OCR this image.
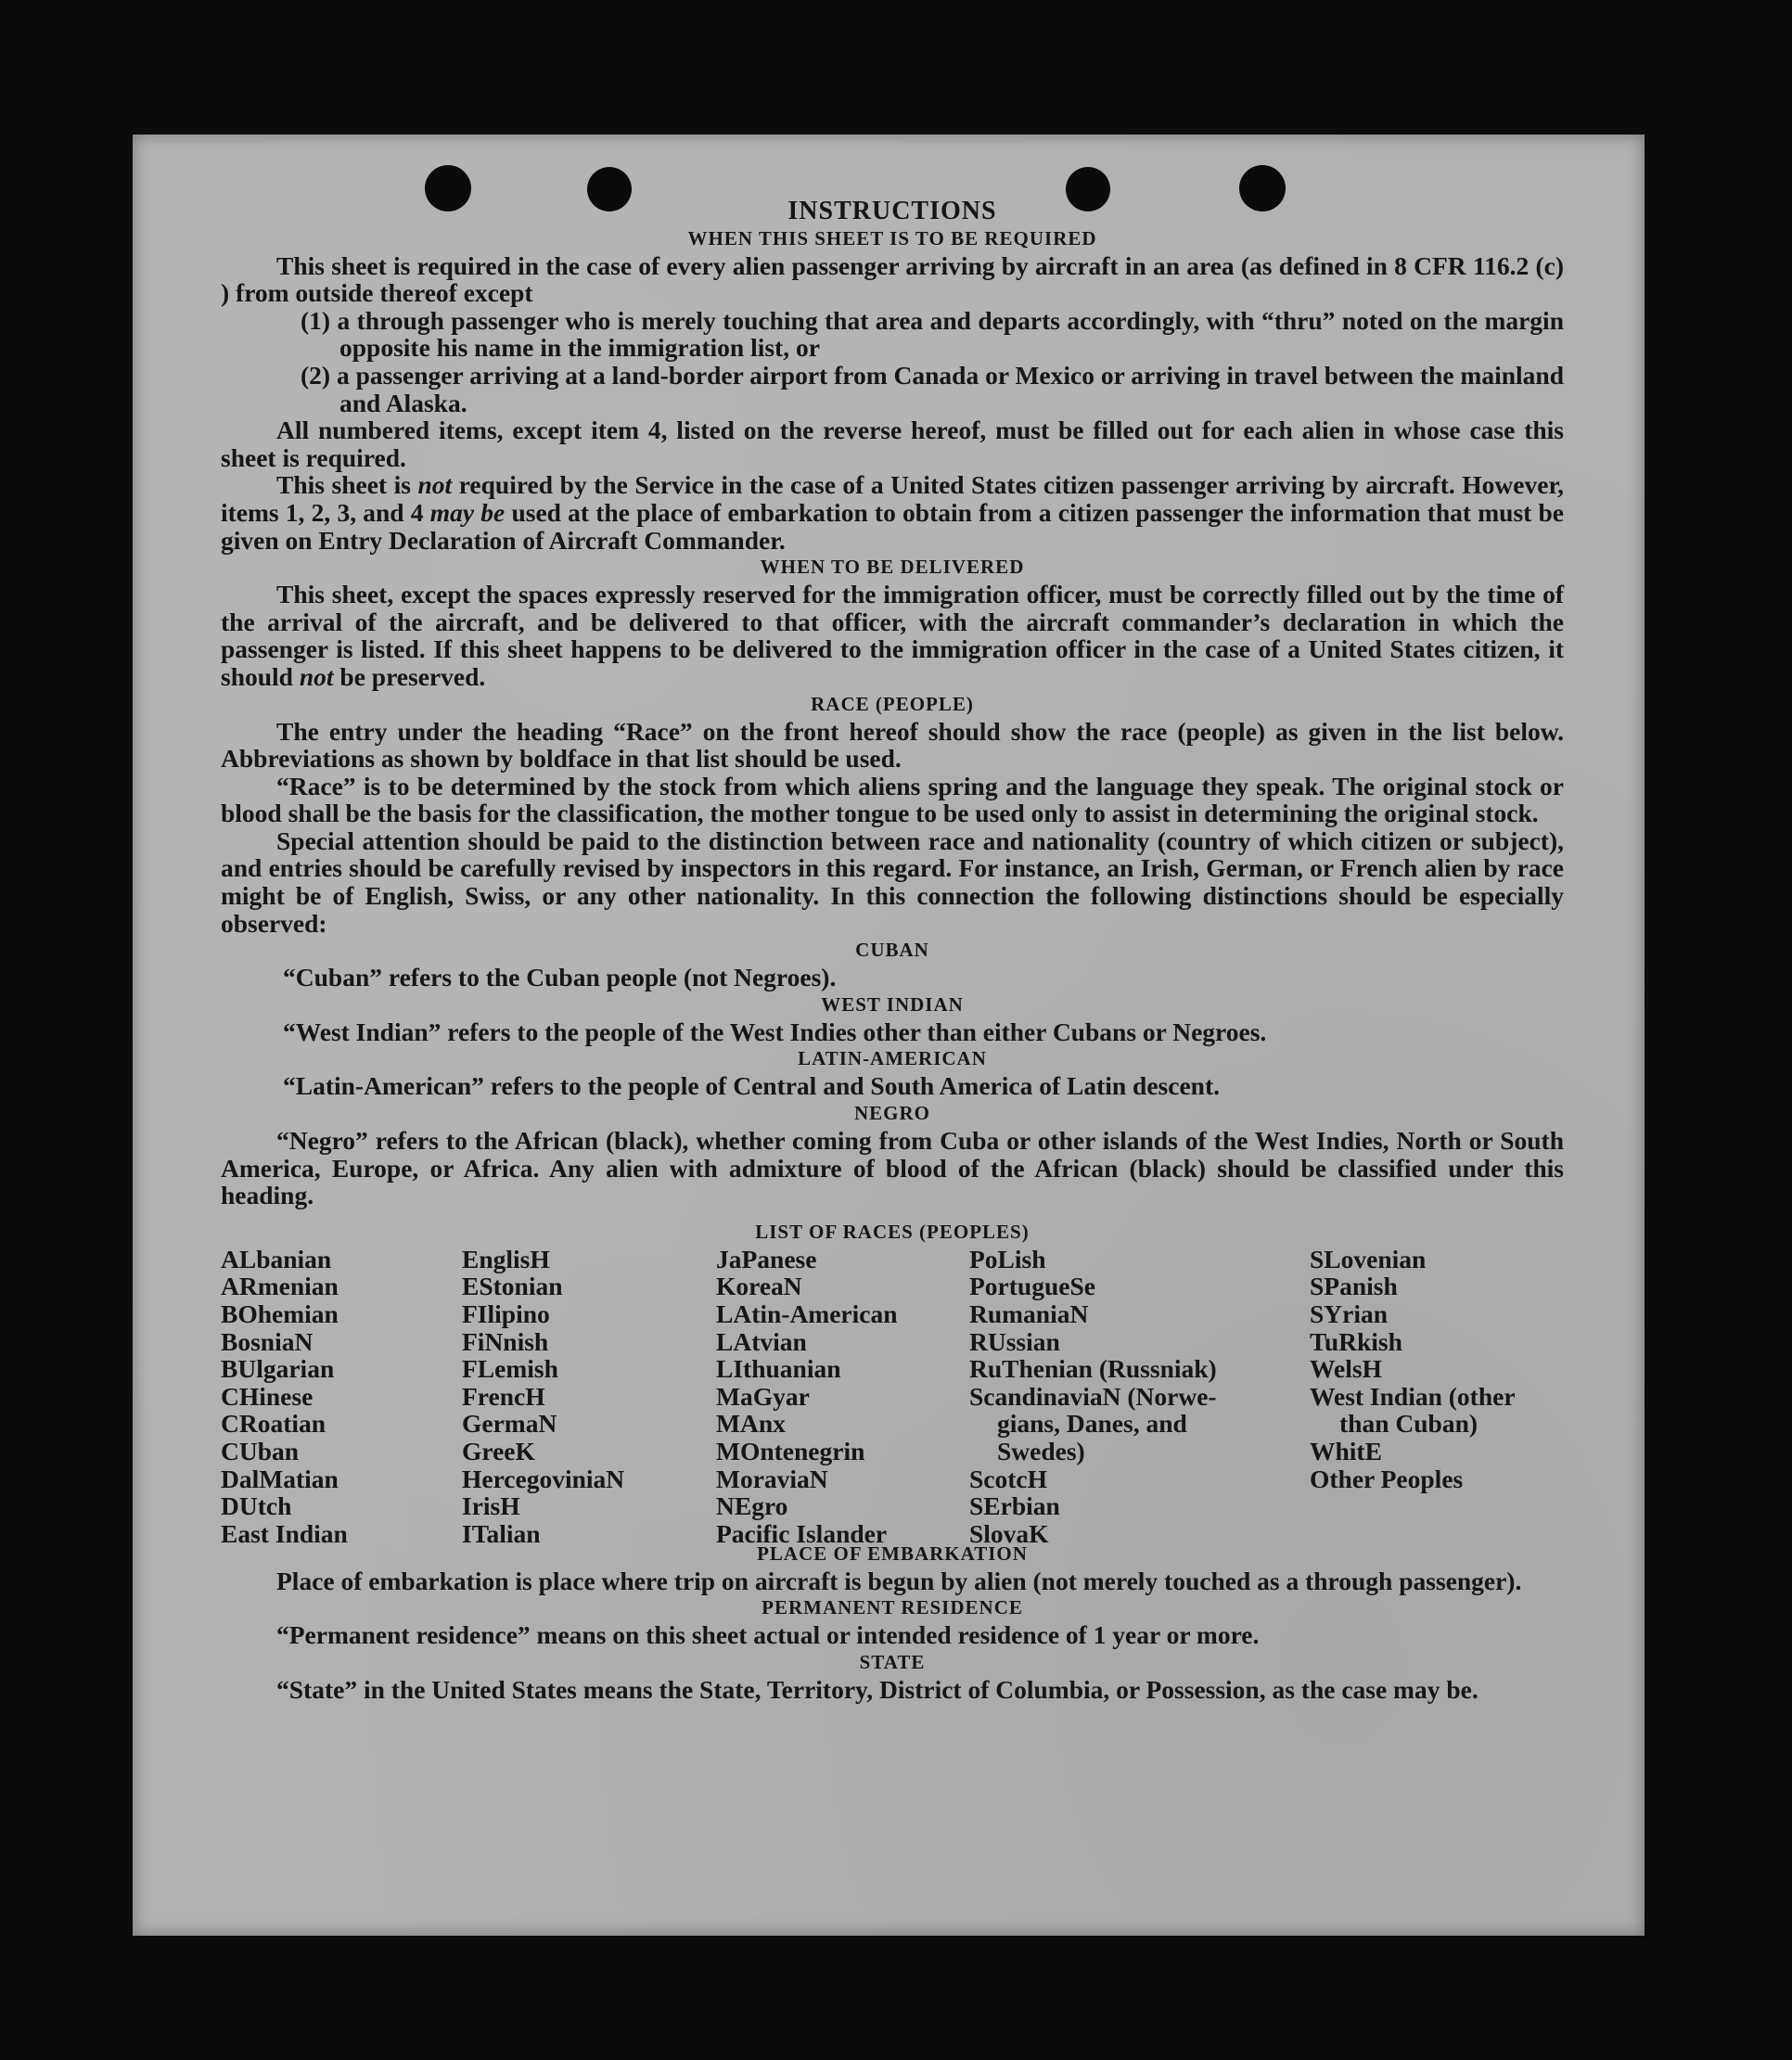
INSTRUCTIONS
WHEN THIS SHEET IS TO BE REQUIRED
This sheet is required in the case of every alien passenger arriving by aircraft in an area (as defined in 8 CFR 116.2 (c) ) from outside thereof except
(1) a through passenger who is merely touching that area and departs accordingly, with “thru” noted on the margin opposite his name in the immigration list, or
(2) a passenger arriving at a land-border airport from Canada or Mexico or arriving in travel between the mainland and Alaska.
All numbered items, except item 4, listed on the reverse hereof, must be filled out for each alien in whose case this sheet is required.
This sheet is not required by the Service in the case of a United States citizen passenger arriving by aircraft. However, items 1, 2, 3, and 4 may be used at the place of embarkation to obtain from a citizen passenger the information that must be given on Entry Declaration of Aircraft Commander.
WHEN TO BE DELIVERED
This sheet, except the spaces expressly reserved for the immigration officer, must be correctly filled out by the time of the arrival of the aircraft, and be delivered to that officer, with the aircraft commander’s declaration in which the passenger is listed. If this sheet happens to be delivered to the immigration officer in the case of a United States citizen, it should not be preserved.
RACE (PEOPLE)
The entry under the heading “Race” on the front hereof should show the race (people) as given in the list below. Abbreviations as shown by boldface in that list should be used.
“Race” is to be determined by the stock from which aliens spring and the language they speak. The original stock or blood shall be the basis for the classification, the mother tongue to be used only to assist in determining the original stock.
Special attention should be paid to the distinction between race and nationality (country of which citizen or subject), and entries should be carefully revised by inspectors in this regard. For instance, an Irish, German, or French alien by race might be of English, Swiss, or any other nationality. In this connection the following distinctions should be especially observed:
CUBAN
“Cuban” refers to the Cuban people (not Negroes).
WEST INDIAN
“West Indian” refers to the people of the West Indies other than either Cubans or Negroes.
LATIN-AMERICAN
“Latin-American” refers to the people of Central and South America of Latin descent.
NEGRO
“Negro” refers to the African (black), whether coming from Cuba or other islands of the West Indies, North or South America, Europe, or Africa. Any alien with admixture of blood of the African (black) should be classified under this heading.
LIST OF RACES (PEOPLES)
ALbanian
ARmenian
BOhemian
BosniaN
BUlgarian
CHinese
CRoatian
CUban
DalMatian
DUtch
East Indian
EnglisH
EStonian
FIlipino
FiNnish
FLemish
FrencH
GermaN
GreeK
HercegoviniaN
IrisH
ITalian
JaPanese
KoreaN
LAtin-American
LAtvian
LIthuanian
MaGyar
MAnx
MOntenegrin
MoraviaN
NEgro
Pacific Islander
PoLish
PortugueSe
RumaniaN
RUssian
RuThenian (Russniak)
ScandinaviaN (Norwe-
gians, Danes, and
Swedes)
ScotcH
SErbian
SlovaK
SLovenian
SPanish
SYrian
TuRkish
WelsH
West Indian (other
than Cuban)
WhitE
Other Peoples
PLACE OF EMBARKATION
Place of embarkation is place where trip on aircraft is begun by alien (not merely touched as a through passenger).
PERMANENT RESIDENCE
“Permanent residence” means on this sheet actual or intended residence of 1 year or more.
STATE
“State” in the United States means the State, Territory, District of Columbia, or Possession, as the case may be.
